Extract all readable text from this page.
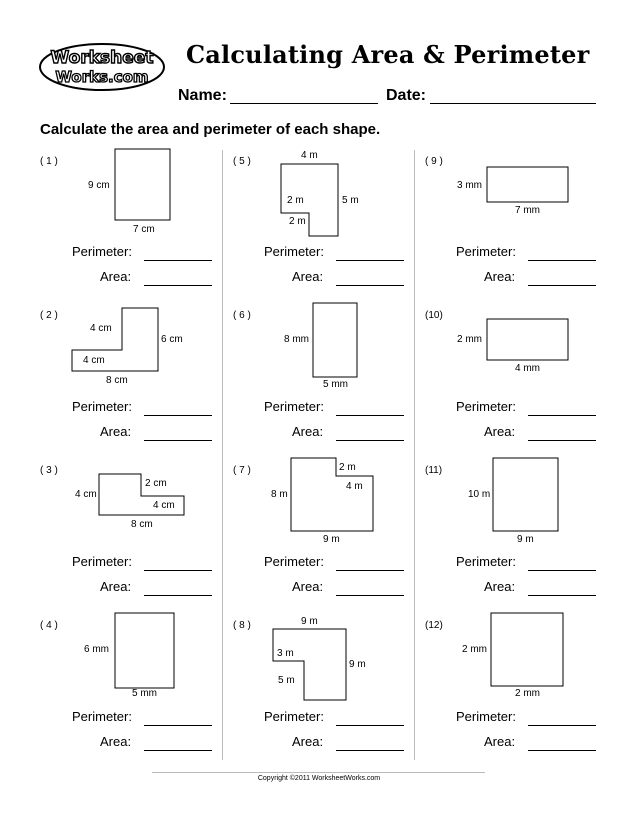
Worksheet
Works.com
Calculating Area & Perimeter
Name:	Date:
Calculate the area and perimeter of each shape.
( 1 )
9 cm
7 cm
( 2 )
4 cm
6 cm
4 cm
8 cm
( 3 )
2 cm
4 cm
4 cm
8 cm
( 4 )
6 mm
5 mm
( 5 )
4 m
2 m	5 m
2 m
( 6 )
8 mm
5 mm
( 7 )	2 m
4 m
8 m
9 m
( 8 )	9 m
3 m
9 m
5 m
( 9 )
3 mm
7 mm
(10)
2 mm
4 mm
(11)
10 m
9 m
(12)
2 mm
2 mm
Perimeter:
Area:
Perimeter:
Area:
Perimeter:
Area:
Perimeter:
Area:
Perimeter:
Area:
Perimeter:
Area:
Perimeter:
Area:
Perimeter:
Area:
Perimeter:
Area:
Perimeter:
Area:
Perimeter:
Area:
Perimeter:
Area:
Copyright ©2011 WorksheetWorks.com
